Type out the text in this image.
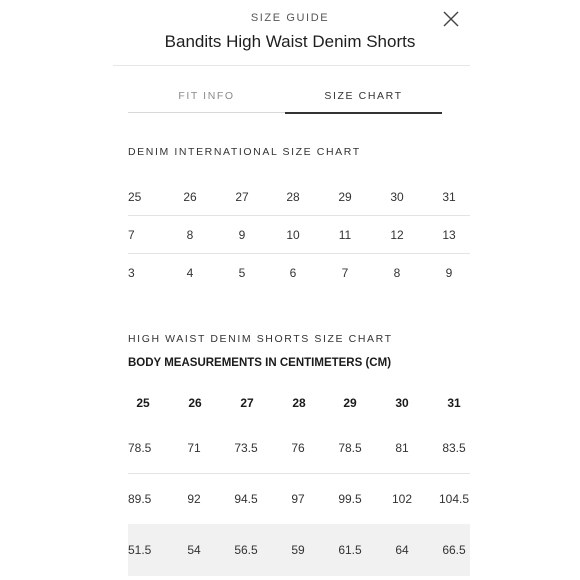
SIZE GUIDE
Bandits High Waist Denim Shorts
FIT INFO	SIZE CHART
DENIM INTERNATIONAL SIZE CHART
25	26	27	28	29	30	31
7	8	9	10	11	12	13
3	4	5	6	7	8	9
HIGH WAIST DENIM SHORTS SIZE CHART
BODY MEASUREMENTS IN CENTIMETERS (CM)
25	26	27	28	29	30	31
78.5	71	73.5	76	78.5	81	83.5
89.5	92	94.5	97	99.5	102	104.5
51.5	54	56.5	59	61.5	64	66.5
